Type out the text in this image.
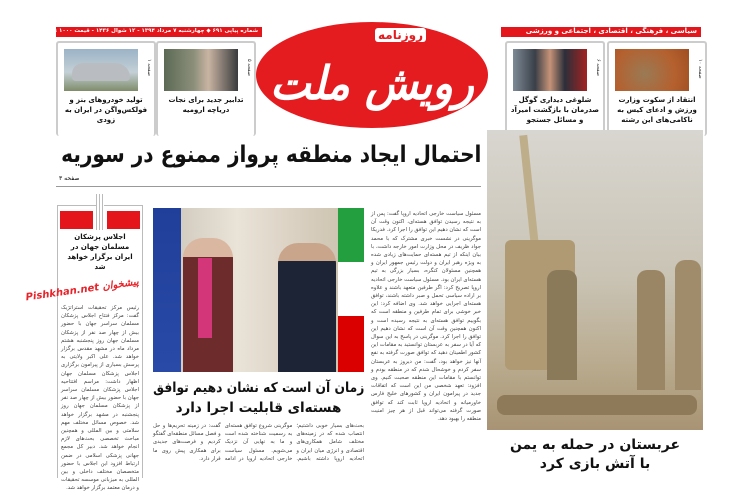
شماره پیاپی ۶۹۱ ◆ چهارشنبه ۷ مرداد ۱۳۹۴ - ۱۲ شوال ۱۴۳۶ - قیمت ۱۰۰۰ تومان	سیاسی ، فرهنگی ، اقتصادی ، اجتماعی و ورزشی
روزنامه
رویش ملت
صفحه ۱
تولید خودروهای بنز و فولکس‌واگن در ایران به زودی
صفحه ۵
تدابیر جدید برای نجات دریاچه ارومیه
صفحه ۶
شلوغی دیداری گوگل صدرمان با بازگشت امیرآد و مسائل جستجو
صفحه ۱۰
انتقاد از سکوت وزارت ورزش و ادعای کیس به ناکامی‌های این رشته
احتمال ایجاد منطقه پرواز ممنوع در سوریه
صفحه ۳
اجلاس پزشکان مسلمان جهان در ایران برگزار خواهد شد
پیشخوان Pishkhan.net
رئیس مرکز تحقیقات استراتژیک گفت: مرکز فتتاح اجلاس پزشکان مسلمان سراسر جهان با حضور بیش از چهار صد نفر از پزشکان مسلمان جهان روز پنجشنبه هشتم مرداد ماه در مشهد مقدس برگزار خواهد شد. علی اکبر ولایتی به پرسش بسیاری از پیرامون برگزاری اجلاس پزشکان مسلمان جهان اظهار داشت: مراسم افتتاحیه اجلاس پزشکان مسلمان سراسر جهان با حضور بیش از چهار صد نفر از پزشکان مسلمان جهان روز پنجشنبه در مشهد برگزار خواهد شد. خصوص مسائل مختلف مهم سلامتی و بین المللی و همچنین مباحث تخصصی بحث‌های لازم انجام خواهد شد. دبیر کل مجمع جهانی پزشکی اسلامی در ضمن ارتباط افزود این اجلاس با حضور متخصصان مختلف داخلی و بین المللی به میزبانی موسسه تحقیقات و درمان معتمد برگزار خواهد شد.
زمان آن است که نشان دهیم توافق
هسته‌ای قابلیت اجرا دارد
بحث‌های بسیار خوبی داشتیم؛ انتصاب شده که در زمینه‌های مختلف شامل همکاری‌های اقتصادی و انرژی میان ایران و اتحادیه اروپا داشته باشیم. موگرینی شروع توافق هسته‌ای به رسمیت شناخته شده است و ما به نهایی آن نزدیک می‌شویم. مسئول سیاست خارجی اتحادیه اروپا در ادامه گفت: در زمینه تحریم‌ها و حل و فصل مسائل منطقه‌ای گفتگو کردیم و فرصت‌های جدیدی برای همکاری پیش روی ما قرار دارد.
مسئول سیاست خارجی اتحادیه اروپا گفت: پس از به نتیجه رسیدن توافق هسته‌ای، اکنون وقت آن است که نشان دهیم این توافق را اجرا کرد. فدریکا موگرینی در نشست خبری مشترک که با محمد جواد ظریف در محل وزارت امور خارجه داشت، با بیان اینکه از تیم هسته‌ای حمایت‌های زیادی شده به ویژه رهبر ایران و دولت رئیس جمهور ایران و همچنین مسئولان کنگره، بسیار بزرگی به تیم هسته‌ای ایران بود. مسئول سیاست خارجی اتحادیه اروپا تصریح کرد: اگر طرفین متعهد باشند و علاوه بر اراده سیاسی تحمل و صبر داشته باشند، توافق هسته‌ای اجرایی خواهد شد. وی اضافه کرد: این خبر خوشی برای تمام طرفین و منطقه است که بگوییم توافق هسته‌ای به نتیجه رسیده است و اکنون همچنین وقت آن است که نشان دهیم این توافق را اجرا کرد. موگرینی در پاسخ به این سوال که آیا در سفر به عربستان توانستید به مقامات این کشور اطمینان دهید که توافق صورت گرفته به نفع آنها نیز خواهد بود، گفت: من دیروز به عربستان سفر کردم و خوشحال شدم که در منطقه بودم و توانستم با مقامات این منطقه صحبت کنیم. وی افزود: تعهد شخصی من این است که اتفاقات جدید در پیرامون ایران و کشورهای خلیج فارس خاورمیانه و اتحادیه اروپا ثابت کند که توافق صورت گرفته می‌تواند قبل از هر چیز امنیت منطقه را بهبود دهد.
عربستان در حمله به یمن
با آتش بازی کرد
